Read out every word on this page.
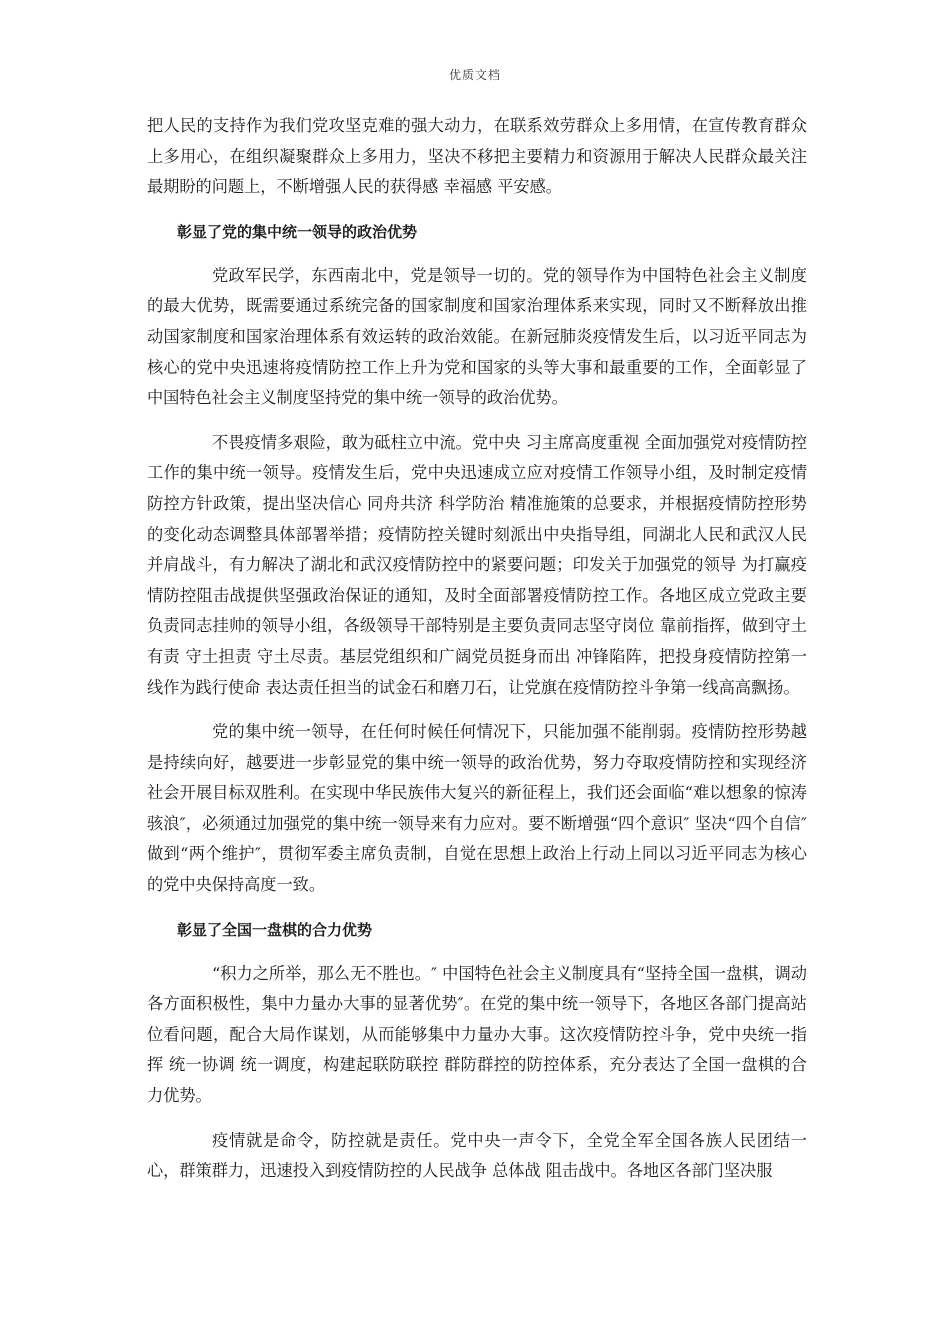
优质文档

把人民的支持作为我们党攻坚克难的强大动力，在联系效劳群众上多用情，在宣传教育群众上多用心，在组织凝聚群众上多用力，坚决不移把主要精力和资源用于解决人民群众最关注 最期盼的问题上，不断增强人民的获得感 幸福感 平安感。

彰显了党的集中统一领导的政治优势

党政军民学，东西南北中，党是领导一切的。党的领导作为中国特色社会主义制度的最大优势，既需要通过系统完备的国家制度和国家治理体系来实现，同时又不断释放出推动国家制度和国家治理体系有效运转的政治效能。在新冠肺炎疫情发生后，以习近平同志为核心的党中央迅速将疫情防控工作上升为党和国家的头等大事和最重要的工作，全面彰显了中国特色社会主义制度坚持党的集中统一领导的政治优势。

不畏疫情多艰险，敢为砥柱立中流。党中央 习主席高度重视 全面加强党对疫情防控工作的集中统一领导。疫情发生后，党中央迅速成立应对疫情工作领导小组，及时制定疫情防控方针政策，提出坚决信心 同舟共济 科学防治 精准施策的总要求，并根据疫情防控形势的变化动态调整具体部署举措；疫情防控关键时刻派出中央指导组，同湖北人民和武汉人民并肩战斗，有力解决了湖北和武汉疫情防控中的紧要问题；印发关于加强党的领导 为打赢疫情防控阻击战提供坚强政治保证的通知，及时全面部署疫情防控工作。各地区成立党政主要负责同志挂帅的领导小组，各级领导干部特别是主要负责同志坚守岗位 靠前指挥，做到守土有责 守土担责 守土尽责。基层党组织和广阔党员挺身而出 冲锋陷阵，把投身疫情防控第一线作为践行使命 表达责任担当的试金石和磨刀石，让党旗在疫情防控斗争第一线高高飘扬。

党的集中统一领导，在任何时候任何情况下，只能加强不能削弱。疫情防控形势越是持续向好，越要进一步彰显党的集中统一领导的政治优势，努力夺取疫情防控和实现经济社会开展目标双胜利。在实现中华民族伟大复兴的新征程上，我们还会面临“难以想象的惊涛骇浪″，必须通过加强党的集中统一领导来有力应对。要不断增强“四个意识″ 坚决“四个自信″ 做到“两个维护″，贯彻军委主席负责制，自觉在思想上政治上行动上同以习近平同志为核心的党中央保持高度一致。

彰显了全国一盘棋的合力优势

“积力之所举，那么无不胜也。″ 中国特色社会主义制度具有“坚持全国一盘棋，调动各方面积极性，集中力量办大事的显著优势″。在党的集中统一领导下，各地区各部门提高站位看问题，配合大局作谋划，从而能够集中力量办大事。这次疫情防控斗争，党中央统一指挥 统一协调 统一调度，构建起联防联控 群防群控的防控体系，充分表达了全国一盘棋的合力优势。

疫情就是命令，防控就是责任。党中央一声令下，全党全军全国各族人民团结一心，群策群力，迅速投入到疫情防控的人民战争 总体战 阻击战中。各地区各部门坚决服
